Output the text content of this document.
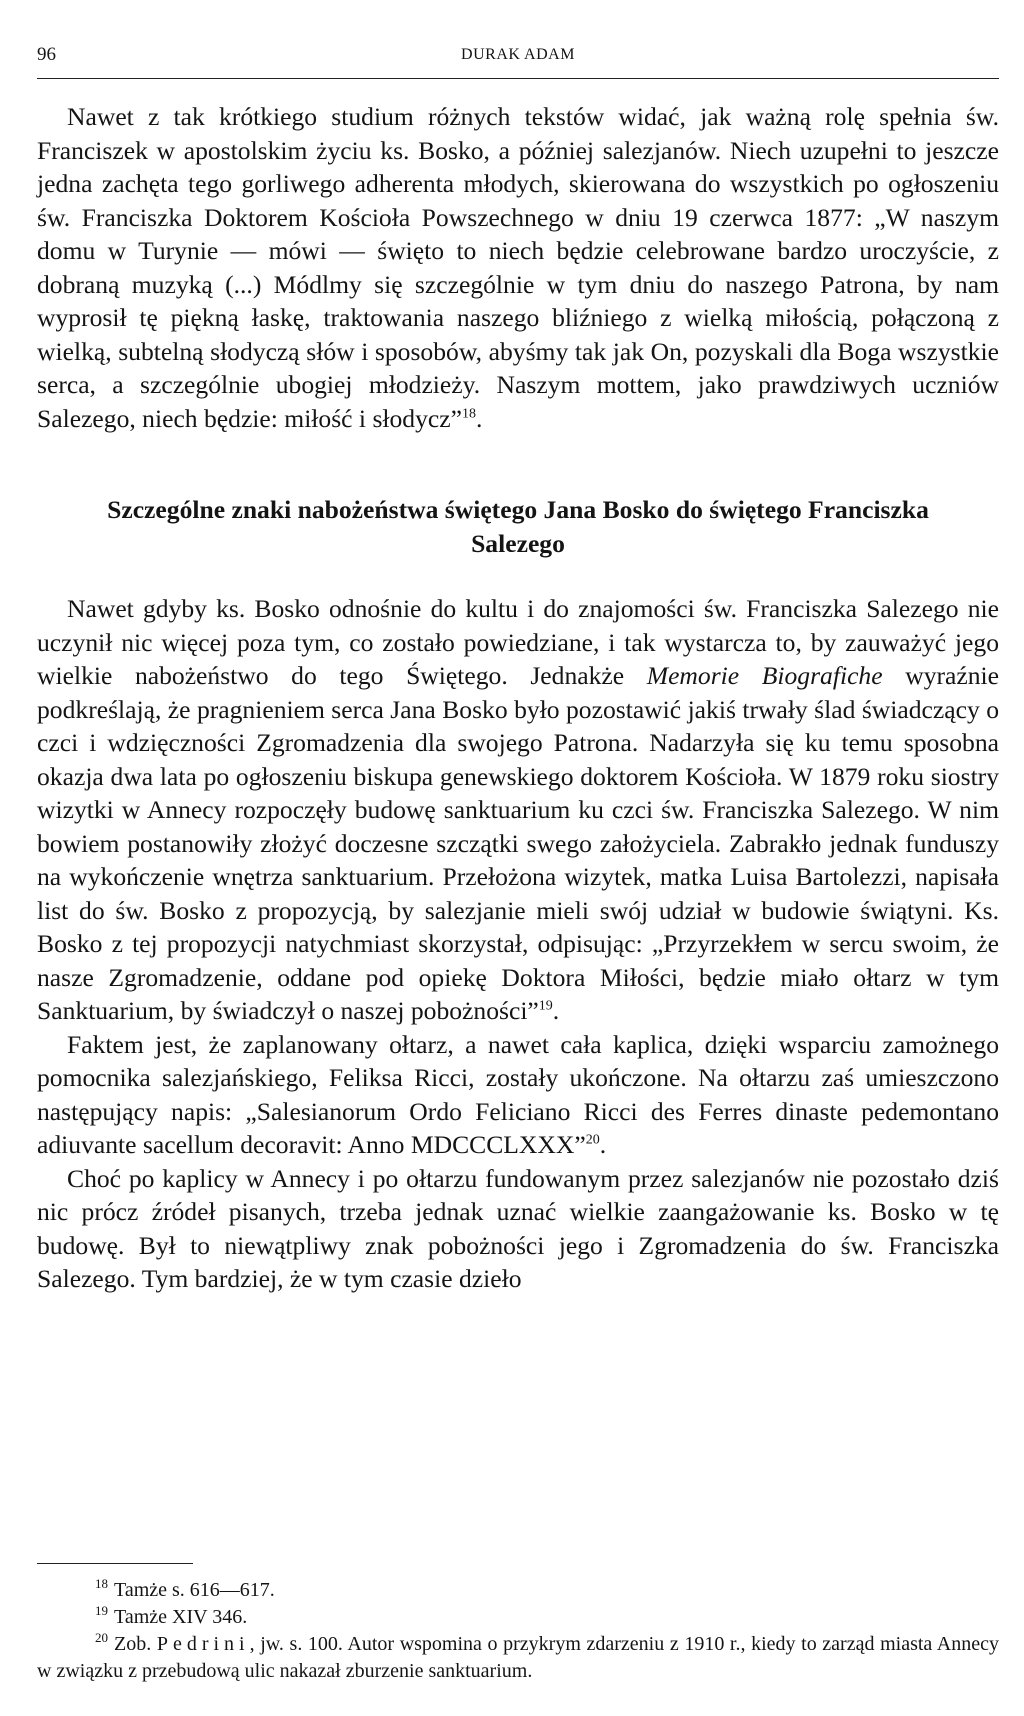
96	DURAK ADAM

Nawet z tak krótkiego studium różnych tekstów widać, jak ważną rolę spełnia św. Franciszek w apostolskim życiu ks. Bosko, a później salezjanów. Niech uzupełni to jeszcze jedna zachęta tego gorliwego adherenta młodych, skierowana do wszystkich po ogłoszeniu św. Franciszka Doktorem Kościoła Powszechnego w dniu 19 czerwca 1877: „W naszym domu w Turynie — mówi — święto to niech będzie celebrowane bardzo uroczyście, z dobraną muzyką (...) Módlmy się szczególnie w tym dniu do naszego Patrona, by nam wyprosił tę piękną łaskę, traktowania naszego bliźniego z wielką miłością, połączoną z wielką, subtelną słodyczą słów i sposobów, abyśmy tak jak On, pozyskali dla Boga wszystkie serca, a szczególnie ubogiej młodzieży. Naszym mottem, jako prawdziwych uczniów Salezego, niech będzie: miłość i słodycz”$^{18}$.

Szczególne znaki nabożeństwa świętego Jana Bosko do świętego Franciszka Salezego

Nawet gdyby ks. Bosko odnośnie do kultu i do znajomości św. Franciszka Salezego nie uczynił nic więcej poza tym, co zostało powiedziane, i tak wystarcza to, by zauważyć jego wielkie nabożeństwo do tego Świętego. Jednakże Memorie Biografiche wyraźnie podkreślają, że pragnieniem serca Jana Bosko było pozostawić jakiś trwały ślad świadczący o czci i wdzięczności Zgromadzenia dla swojego Patrona. Nadarzyła się ku temu sposobna okazja dwa lata po ogłoszeniu biskupa genewskiego doktorem Kościoła. W 1879 roku siostry wizytki w Annecy rozpoczęły budowę sanktuarium ku czci św. Franciszka Salezego. W nim bowiem postanowiły złożyć doczesne szczątki swego założyciela. Zabrakło jednak funduszy na wykończenie wnętrza sanktuarium. Przełożona wizytek, matka Luisa Bartolezzi, napisała list do św. Bosko z propozycją, by salezjanie mieli swój udział w budowie świątyni. Ks. Bosko z tej propozycji natychmiast skorzystał, odpisując: „Przyrzekłem w sercu swoim, że nasze Zgromadzenie, oddane pod opiekę Doktora Miłości, będzie miało ołtarz w tym Sanktuarium, by świadczył o naszej pobożności”$^{19}$.

Faktem jest, że zaplanowany ołtarz, a nawet cała kaplica, dzięki wsparciu zamożnego pomocnika salezjańskiego, Feliksa Ricci, zostały ukończone. Na ołtarzu zaś umieszczono następujący napis: „Salesianorum Ordo Feliciano Ricci des Ferres dinaste pedemontano adiuvante sacellum decoravit: Anno MDCCCLXXX”$^{20}$.

Choć po kaplicy w Annecy i po ołtarzu fundowanym przez salezjanów nie pozostało dziś nic prócz źródeł pisanych, trzeba jednak uznać wielkie zaangażowanie ks. Bosko w tę budowę. Był to niewątpliwy znak pobożności jego i Zgromadzenia do św. Franciszka Salezego. Tym bardziej, że w tym czasie dzieło

$^{18}$ Tamże s. 616—617.

$^{19}$ Tamże XIV 346.

$^{20}$ Zob. Pedrini, jw. s. 100. Autor wspomina o przykrym zdarzeniu z 1910 r., kiedy to zarząd miasta Annecy w związku z przebudową ulic nakazał zburzenie sanktuarium.
